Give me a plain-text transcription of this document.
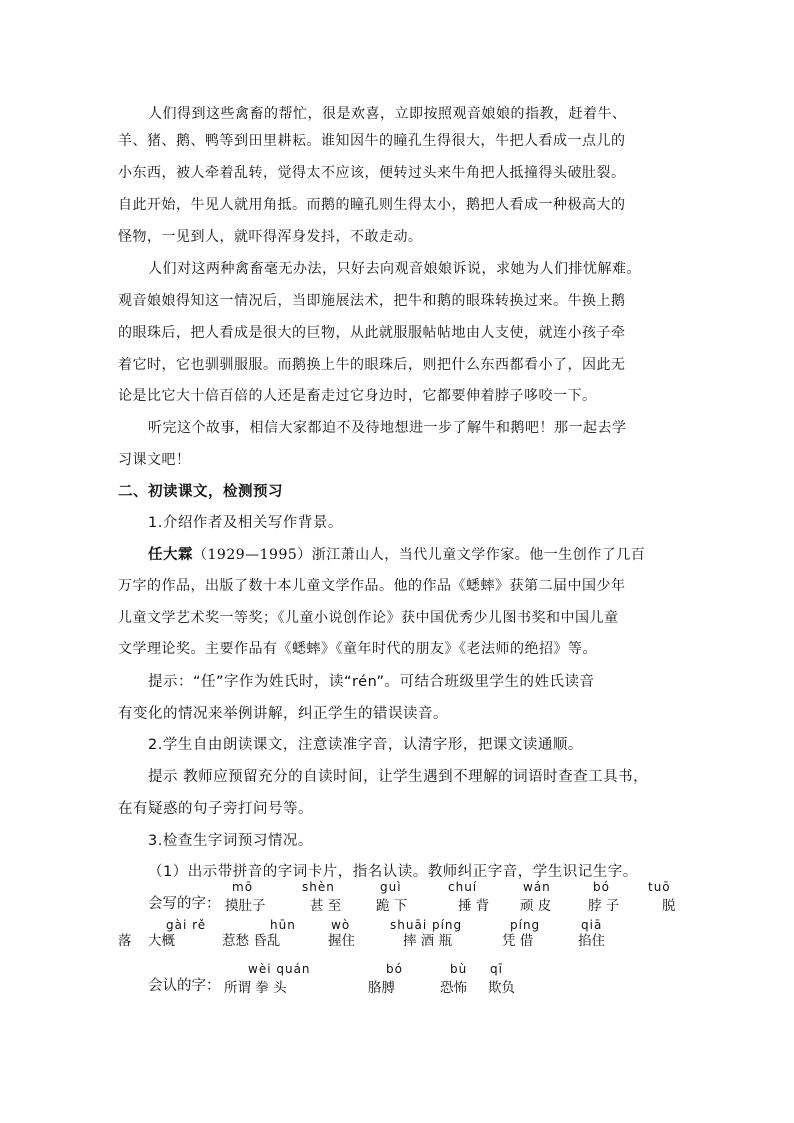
人们得到这些禽畜的帮忙，很是欢喜，立即按照观音娘娘的指教，赶着牛、
羊、猪、鹅、鸭等到田里耕耘。谁知因牛的瞳孔生得很大，牛把人看成一点儿的
小东西，被人牵着乱转，觉得太不应该，便转过头来牛角把人抵撞得头破肚裂。
自此开始，牛见人就用角抵。而鹅的瞳孔则生得太小，鹅把人看成一种极高大的
怪物，一见到人，就吓得浑身发抖，不敢走动。
人们对这两种禽畜毫无办法，只好去向观音娘娘诉说，求她为人们排忧解难。
观音娘娘得知这一情况后，当即施展法术，把牛和鹅的眼珠转换过来。牛换上鹅
的眼珠后，把人看成是很大的巨物，从此就服服帖帖地由人支使，就连小孩子牵
着它时，它也驯驯服服。而鹅换上牛的眼珠后，则把什么东西都看小了，因此无
论是比它大十倍百倍的人还是畜走过它身边时，它都要伸着脖子哆咬一下。
听完这个故事，相信大家都迫不及待地想进一步了解牛和鹅吧！那一起去学
习课文吧！
二、初读课文，检测预习
1.介绍作者及相关写作背景。
任大霖（1929—1995）浙江萧山人，当代儿童文学作家。他一生创作了几百
万字的作品，出版了数十本儿童文学作品。他的作品《蟋蟀》获第二届中国少年
儿童文学艺术奖一等奖；《儿童小说创作论》获中国优秀少儿图书奖和中国儿童
文学理论奖。主要作品有《蟋蟀》《童年时代的朋友》《老法师的绝招》等。
提示：“任”字作为姓氏时，读“rén”。可结合班级里学生的姓氏读音
有变化的情况来举例讲解，纠正学生的错误读音。
2.学生自由朗读课文，注意读准字音，认清字形，把课文读通顺。
提示 教师应预留充分的自读时间，让学生遇到不理解的词语时查查工具书，
在有疑惑的句子旁打问号等。
3.检查生字词预习情况。
（1）出示带拼音的字词卡片，指名认读。教师纠正字音，学生识记生字。
会写的字：
mō
摸肚子
shèn
甚 至
guì
跪 下
chuí
捶 背
wán
顽 皮
bó
脖 子
tuō
脱
落
gài rě
大概
hūn
惹愁 昏乱
wò
握住
shuāi píng
摔 酒 瓶
píng
凭 借
qiā
掐住
会认的字：
wèi quán
所谓 拳 头
bó
胳膊
bù
恐怖
qī
欺负
